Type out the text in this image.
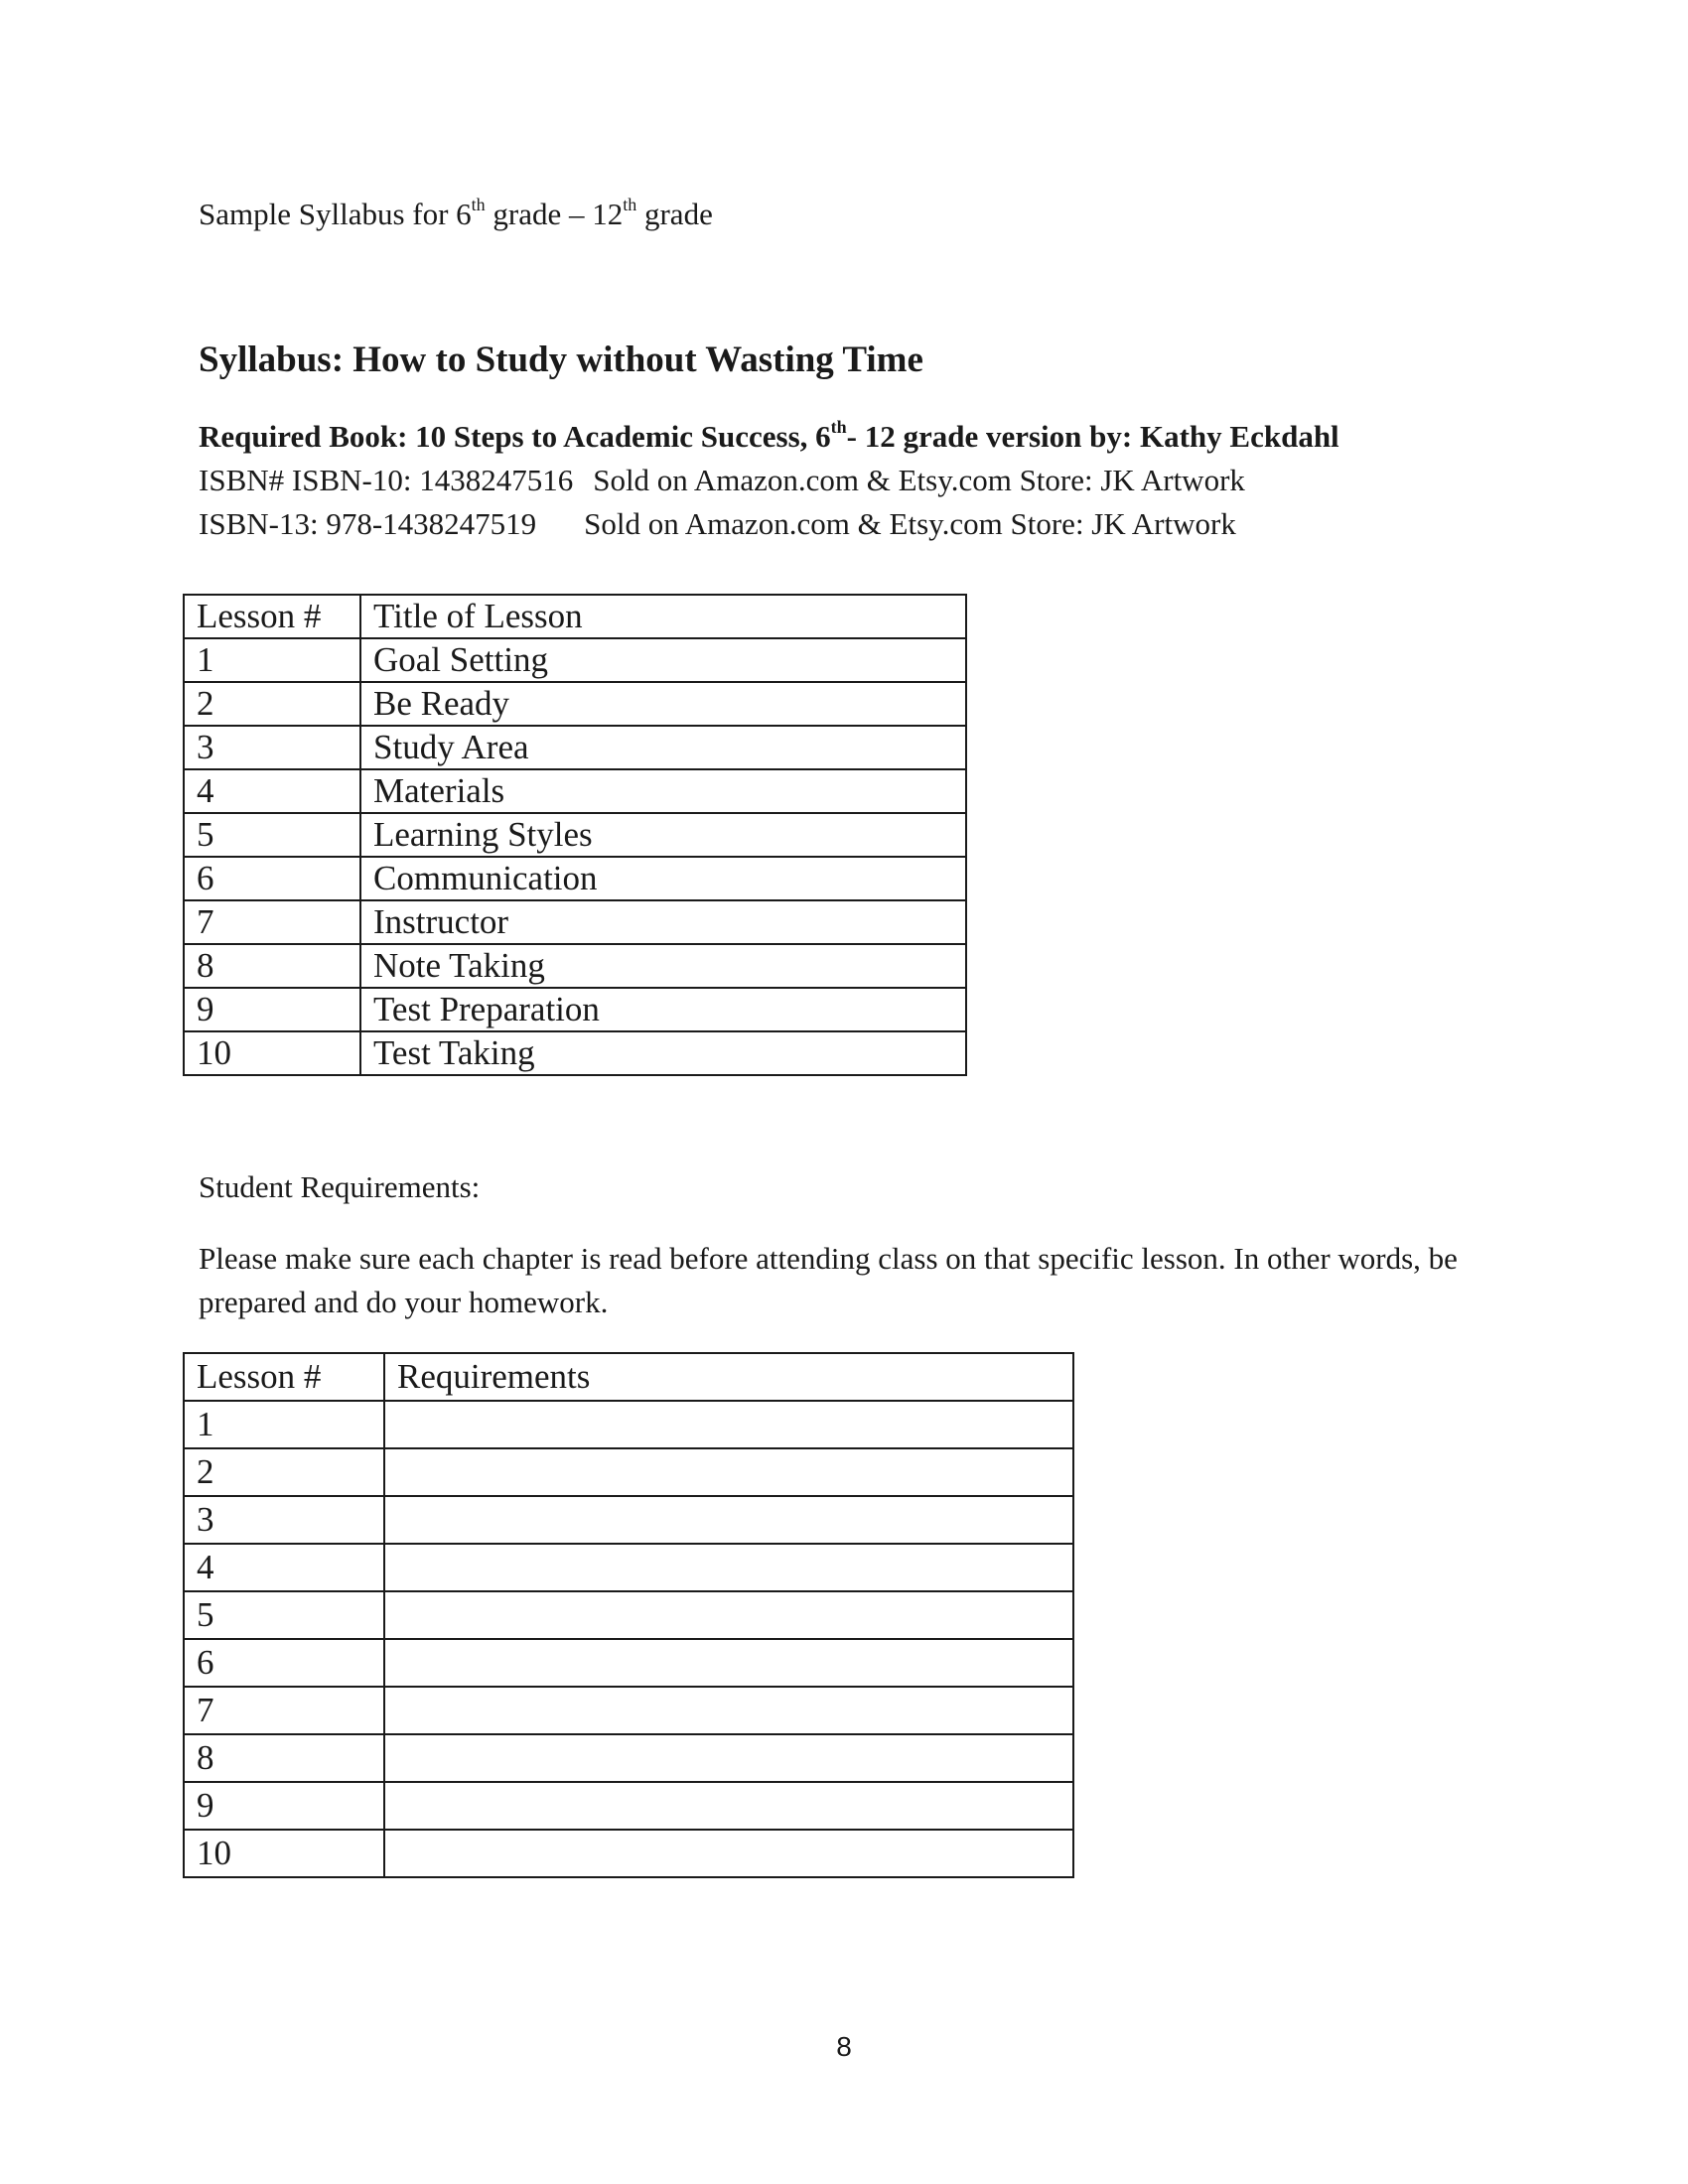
Sample Syllabus for 6th grade – 12th grade
Syllabus: How to Study without Wasting Time
Required Book: 10 Steps to Academic Success, 6th- 12 grade version by: Kathy Eckdahl
ISBN# ISBN-10: 1438247516 Sold on Amazon.com & Etsy.com Store: JK Artwork
ISBN-13: 978-1438247519 Sold on Amazon.com & Etsy.com Store: JK Artwork
Lesson #	Title of Lesson
1	Goal Setting
2	Be Ready
3	Study Area
4	Materials
5	Learning Styles
6	Communication
7	Instructor
8	Note Taking
9	Test Preparation
10	Test Taking
Student Requirements:
Please make sure each chapter is read before attending class on that specific lesson. In other words, be prepared and do your homework.
Lesson #	Requirements
1	
2	
3	
4	
5	
6	
7	
8	
9	
10	
8
